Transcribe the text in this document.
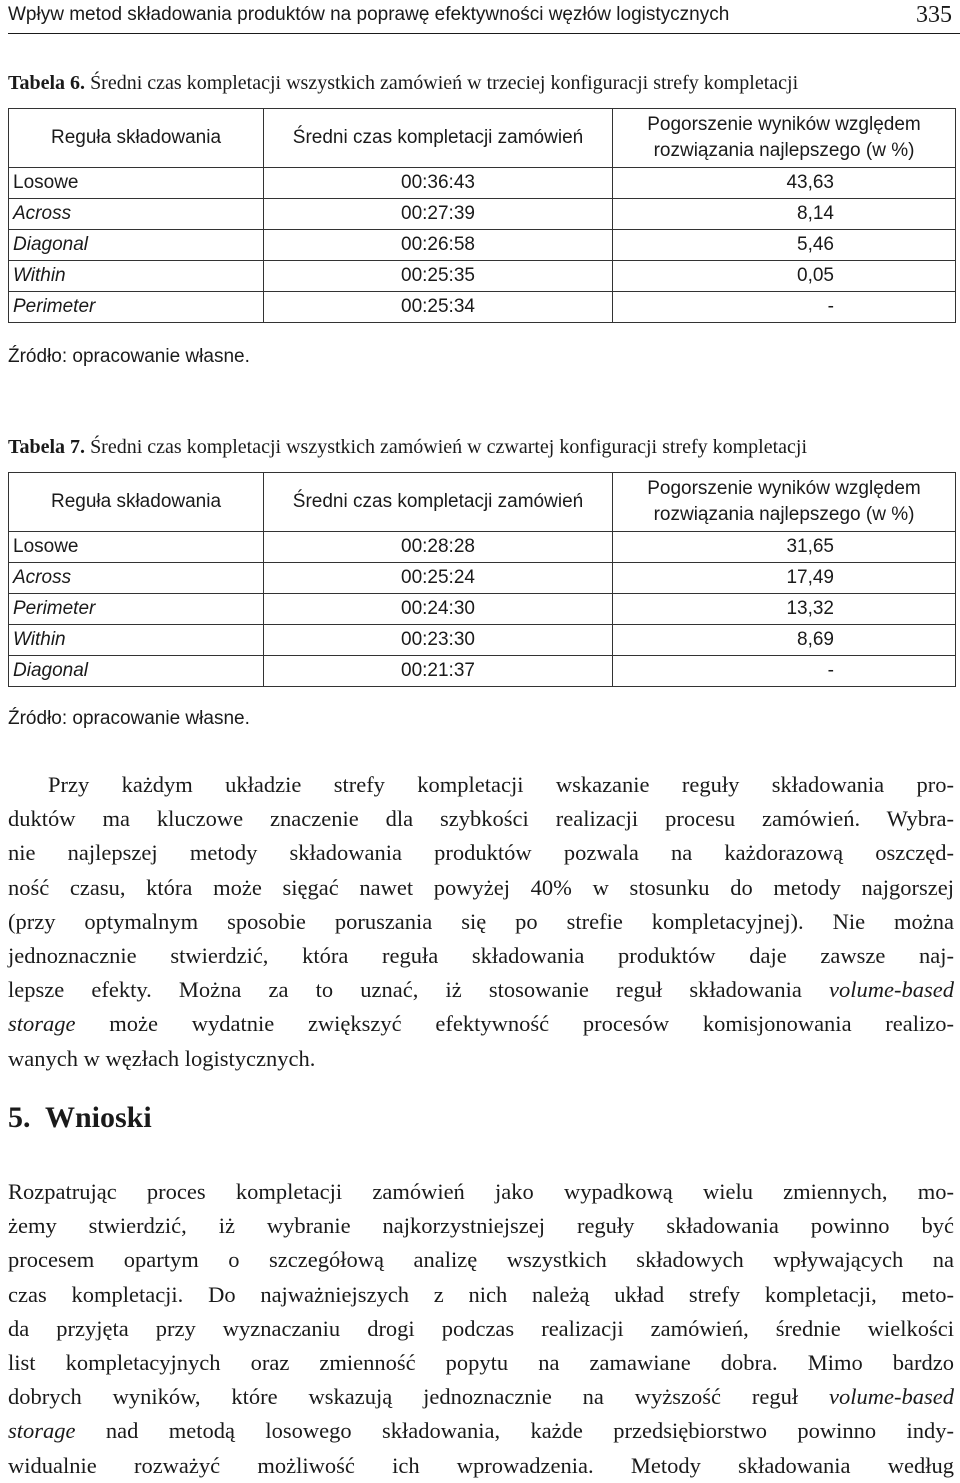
Wpływ metod składowania produktów na poprawę efektywności węzłów logistycznych	335
Tabela 6. Średni czas kompletacji wszystkich zamówień w trzeciej konfiguracji strefy kompletacji
Reguła składowania	Średni czas kompletacji zamówień	Pogorszenie wyników względem
rozwiązania najlepszego (w %)

Losowe	00:36:43	43,63
Across	00:27:39	8,14
Diagonal	00:26:58	5,46
Within	00:25:35	0,05
Perimeter	00:25:34	-
Źródło: opracowanie własne.
Tabela 7. Średni czas kompletacji wszystkich zamówień w czwartej konfiguracji strefy kompletacji
Reguła składowania	Średni czas kompletacji zamówień	Pogorszenie wyników względem
rozwiązania najlepszego (w %)

Losowe	00:28:28	31,65
Across	00:25:24	17,49
Perimeter	00:24:30	13,32
Within	00:23:30	8,69
Diagonal	00:21:37	-
Źródło: opracowanie własne.
Przy każdym układzie strefy kompletacji wskazanie reguły składowania pro-
duktów ma kluczowe znaczenie dla szybkości realizacji procesu zamówień. Wybra-
nie najlepszej metody składowania produktów pozwala na każdorazową oszczęd-
ność czasu, która może sięgać nawet powyżej 40% w stosunku do metody najgorszej
(przy optymalnym sposobie poruszania się po strefie kompletacyjnej). Nie można
jednoznacznie stwierdzić, która reguła składowania produktów daje zawsze naj-
lepsze efekty. Można za to uznać, iż stosowanie reguł składowania volume-based
storage może wydatnie zwiększyć efektywność procesów komisjonowania realizo-
wanych w węzłach logistycznych.
5. Wnioski
Rozpatrując proces kompletacji zamówień jako wypadkową wielu zmiennych, mo-
żemy stwierdzić, iż wybranie najkorzystniejszej reguły składowania powinno być
procesem opartym o szczegółową analizę wszystkich składowych wpływających na
czas kompletacji. Do najważniejszych z nich należą układ strefy kompletacji, meto-
da przyjęta przy wyznaczaniu drogi podczas realizacji zamówień, średnie wielkości
list kompletacyjnych oraz zmienność popytu na zamawiane dobra. Mimo bardzo
dobrych wyników, które wskazują jednoznacznie na wyższość reguł volume-based
storage nad metodą losowego składowania, każde przedsiębiorstwo powinno indy-
widualnie rozważyć możliwość ich wprowadzenia. Metody składowania według
